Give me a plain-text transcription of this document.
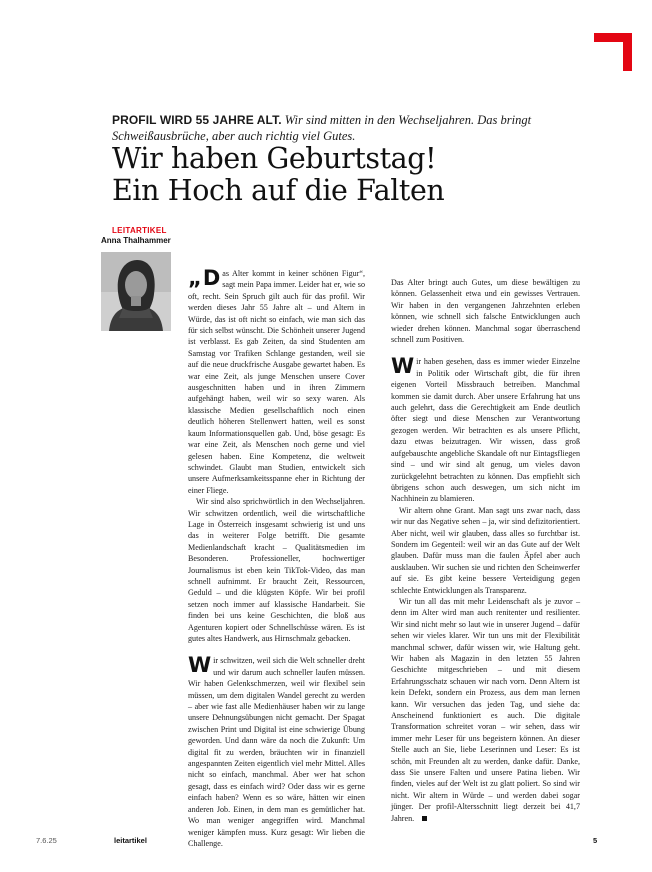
PROFIL WIRD 55 JAHRE ALT. Wir sind mitten in den Wechseljahren. Das bringt Schweißausbrüche, aber auch richtig viel Gutes.
Wir haben Geburtstag!
Ein Hoch auf die Falten
LEITARTIKEL
Anna Thalhammer

„ D as Alter kommt in keiner schönen Figur“, sagt mein Papa immer. Leider hat er, wie so oft, recht. Sein Spruch gilt auch für das profil. Wir werden dieses Jahr 55 Jahre alt – und Altern in Würde, das ist oft nicht so einfach, wie man sich das für sich selbst wünscht. Die Schönheit unserer Jugend ist verblasst. Es gab Zeiten, da sind Studenten am Samstag vor Trafiken Schlange gestanden, weil sie auf die neue druckfrische Ausgabe gewartet haben. Es war eine Zeit, als junge Menschen unsere Cover ausgeschnitten haben und in ihren Zimmern aufgehängt haben, weil wir so sexy waren. Als klassische Medien gesellschaftlich noch einen deutlich höheren Stellenwert hatten, weil es sonst kaum Informationsquellen gab. Und, böse gesagt: Es war eine Zeit, als Menschen noch gerne und viel gelesen haben. Eine Kompetenz, die weltweit schwindet. Glaubt man Studien, entwickelt sich unsere Aufmerksamkeitsspanne eher in Richtung der einer Fliege.

Wir sind also sprichwörtlich in den Wechseljahren. Wir schwitzen ordentlich, weil die wirtschaftliche Lage in Österreich insgesamt schwierig ist und uns das in weiterer Folge betrifft. Die gesamte Medienlandschaft kracht – Qualitätsmedien im Besonderen. Professioneller, hochwertiger Journalismus ist eben kein TikTok-Video, das man schnell aufnimmt. Er braucht Zeit, Ressourcen, Geduld – und die klügsten Köpfe. Wir bei profil setzen noch immer auf klassische Handarbeit. Sie finden bei uns keine Geschichten, die bloß aus Agenturen kopiert oder Schnellschüsse wären. Es ist gutes altes Handwerk, aus Hirnschmalz gebacken.

Wir schwitzen, weil sich die Welt schneller dreht und wir darum auch schneller laufen müssen. Wir haben Gelenkschmerzen, weil wir flexibel sein müssen, um dem digitalen Wandel gerecht zu werden – aber wie fast alle Medienhäuser haben wir zu lange unsere Dehnungsübungen nicht gemacht. Der Spagat zwischen Print und Digital ist eine schwierige Übung geworden. Und dann wäre da noch die Zukunft: Um digital fit zu werden, bräuchten wir in finanziell angespannten Zeiten eigentlich viel mehr Mittel. Alles nicht so einfach, manchmal. Aber wer hat schon gesagt, dass es einfach wird? Oder dass wir es gerne einfach haben? Wenn es so wäre, hätten wir einen anderen Job. Einen, in dem man es gemütlicher hat. Wo man weniger angegriffen wird. Manchmal weniger kämpfen muss. Kurz gesagt: Wir lieben die Challenge.

Das Alter bringt auch Gutes, um diese bewältigen zu können. Gelassenheit etwa und ein gewisses Vertrauen. Wir haben in den vergangenen Jahrzehnten erleben können, wie schnell sich falsche Entwicklungen auch wieder drehen können. Manchmal sogar überraschend schnell zum Positiven.

Wir haben gesehen, dass es immer wieder Einzelne in Politik oder Wirtschaft gibt, die für ihren eigenen Vorteil Missbrauch betreiben. Manchmal kommen sie damit durch. Aber unsere Erfahrung hat uns auch gelehrt, dass die Gerechtigkeit am Ende deutlich öfter siegt und diese Menschen zur Verantwortung gezogen werden. Wir betrachten es als unsere Pflicht, dazu etwas beizutragen. Wir wissen, dass groß aufgebauschte angebliche Skandale oft nur Eintagsfliegen sind – und wir sind alt genug, um vieles davon zurückgelehnt betrachten zu können. Das empfiehlt sich übrigens schon auch deswegen, um sich nicht im Nachhinein zu blamieren.

Wir altern ohne Grant. Man sagt uns zwar nach, dass wir nur das Negative sehen – ja, wir sind defizitorientiert. Aber nicht, weil wir glauben, dass alles so furchtbar ist. Sondern im Gegenteil: weil wir an das Gute auf der Welt glauben. Dafür muss man die faulen Äpfel aber auch ausklauben. Wir suchen sie und richten den Scheinwerfer auf sie. Es gibt keine bessere Verteidigung gegen schlechte Entwicklungen als Transparenz.

Wir tun all das mit mehr Leidenschaft als je zuvor – denn im Alter wird man auch renitenter und resilienter. Wir sind nicht mehr so laut wie in unserer Jugend – dafür sehen wir vieles klarer. Wir tun uns mit der Flexibilität manchmal schwer, dafür wissen wir, wie Haltung geht. Wir haben als Magazin in den letzten 55 Jahren Geschichte mitgeschrieben – und mit diesem Erfahrungsschatz schauen wir nach vorn. Denn Altern ist kein Defekt, sondern ein Prozess, aus dem man lernen kann. Wir versuchen das jeden Tag, und siehe da: Anscheinend funktioniert es auch. Die digitale Transformation schreitet voran – wir sehen, dass wir immer mehr Leser für uns begeistern können. An dieser Stelle auch an Sie, liebe Leserinnen und Leser: Es ist schön, mit Freunden alt zu werden, danke dafür. Danke, dass Sie unsere Falten und unsere Patina lieben. Wir finden, vieles auf der Welt ist zu glatt poliert. So sind wir nicht. Wir altern in Würde – und werden dabei sogar jünger. Der profil-Altersschnitt liegt derzeit bei 41,7 Jahren.

7.6.25	leitartikel	5
